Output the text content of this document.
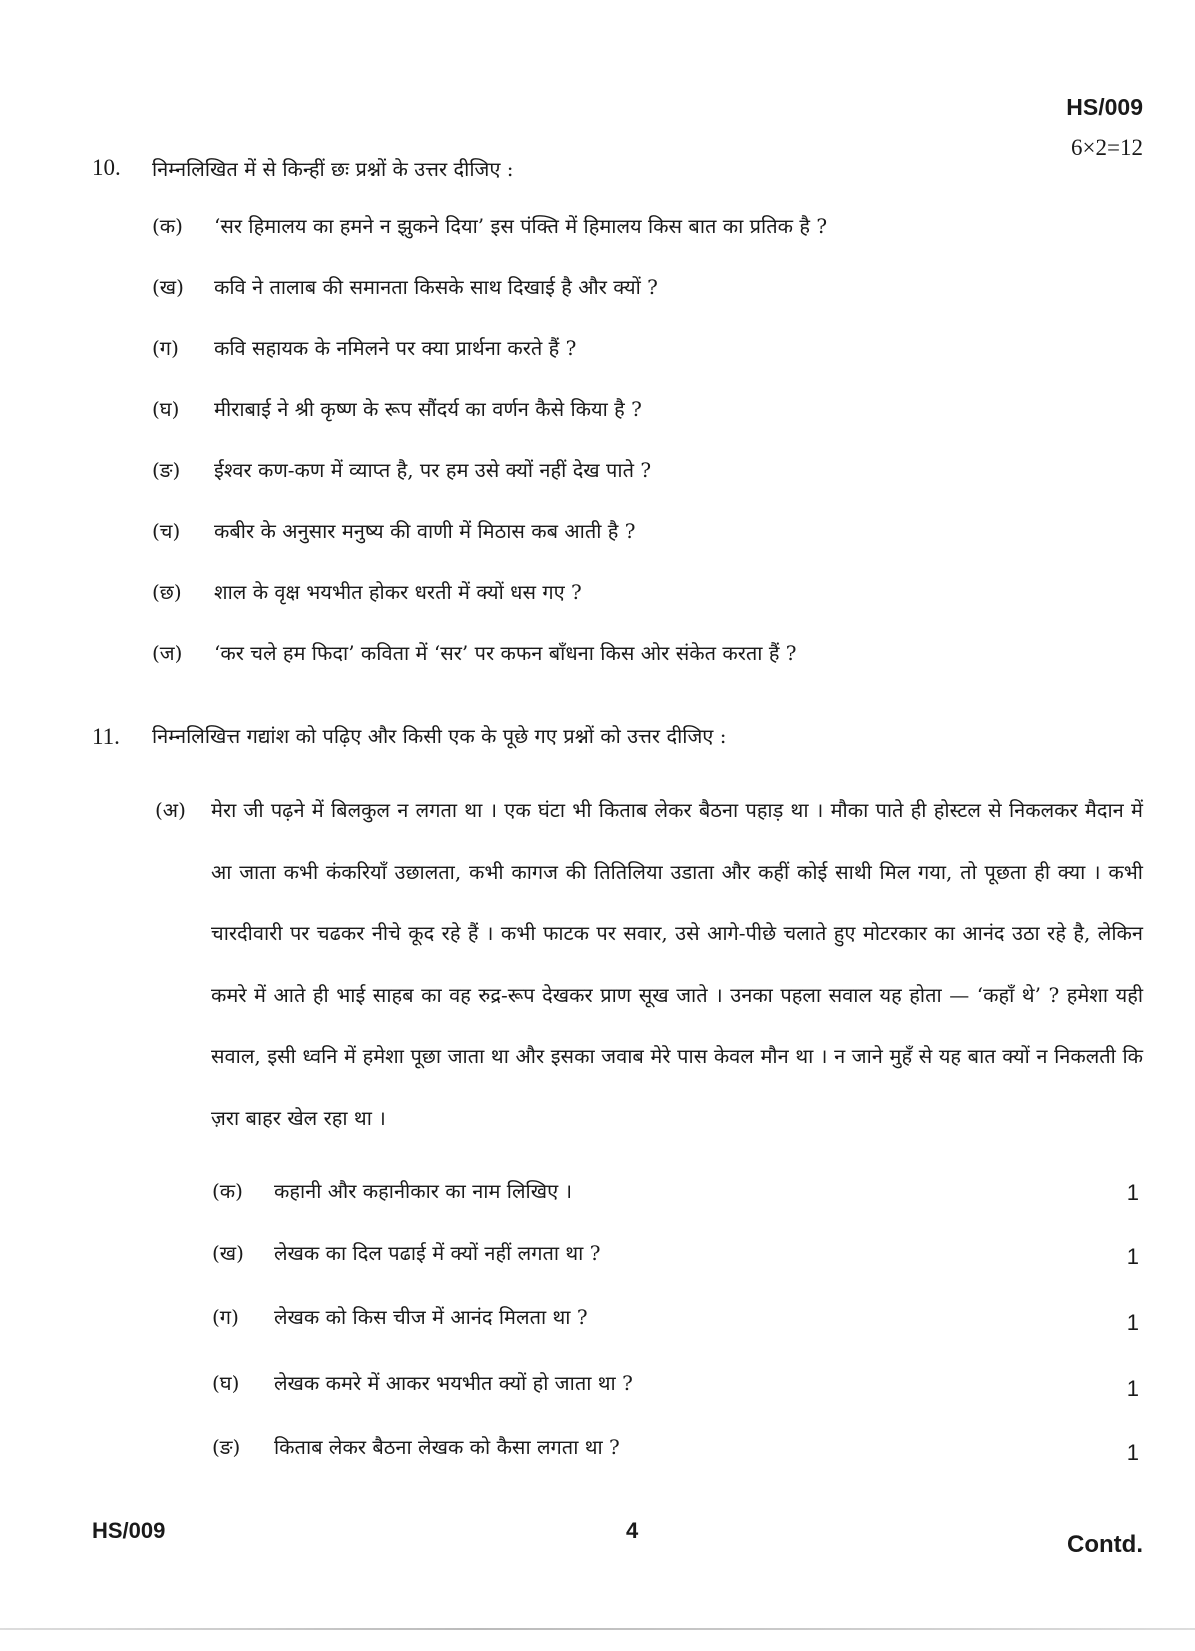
HS/009
6×2=12
10. निम्नलिखित में से किन्हीं छः प्रश्नों के उत्तर दीजिए :
(क) ‘सर हिमालय का हमने न झुकने दिया’ इस पंक्ति में हिमालय किस बात का प्रतिक है ?
(ख) कवि ने तालाब की समानता किसके साथ दिखाई है और क्यों ?
(ग) कवि सहायक के नमिलने पर क्या प्रार्थना करते हैं ?
(घ) मीराबाई ने श्री कृष्ण के रूप सौंदर्य का वर्णन कैसे किया है ?
(ङ) ईश्वर कण-कण में व्याप्त है, पर हम उसे क्यों नहीं देख पाते ?
(च) कबीर के अनुसार मनुष्य की वाणी में मिठास कब आती है ?
(छ) शाल के वृक्ष भयभीत होकर धरती में क्यों धस गए ?
(ज) ‘कर चले हम फिदा’ कविता में ‘सर’ पर कफन बाँधना किस ओर संकेत करता हैं ?
11. निम्नलिखित्त गद्यांश को पढ़िए और किसी एक के पूछे गए प्रश्नों को उत्तर दीजिए :
(अ) मेरा जी पढ़ने में बिलकुल न लगता था । एक घंटा भी किताब लेकर बैठना पहाड़ था । मौका पाते ही होस्टल से निकलकर मैदान में आ जाता कभी कंकरियाँ उछालता, कभी कागज की तितिलिया उडाता और कहीं कोई साथी मिल गया, तो पूछता ही क्या । कभी चारदीवारी पर चढकर नीचे कूद रहे हैं । कभी फाटक पर सवार, उसे आगे-पीछे चलाते हुए मोटरकार का आनंद उठा रहे है, लेकिन कमरे में आते ही भाई साहब का वह रुद्र-रूप देखकर प्राण सूख जाते । उनका पहला सवाल यह होता — ‘कहाँ थे’ ? हमेशा यही सवाल, इसी ध्वनि में हमेशा पूछा जाता था और इसका जवाब मेरे पास केवल मौन था । न जाने मुहँ से यह बात क्यों न निकलती कि ज़रा बाहर खेल रहा था ।
(क) कहानी और कहानीकार का नाम लिखिए ।	1
(ख) लेखक का दिल पढाई में क्यों नहीं लगता था ?	1
(ग) लेखक को किस चीज में आनंद मिलता था ?	1
(घ) लेखक कमरे में आकर भयभीत क्यों हो जाता था ?	1
(ङ) किताब लेकर बैठना लेखक को कैसा लगता था ?	1
HS/009	4
Contd.
